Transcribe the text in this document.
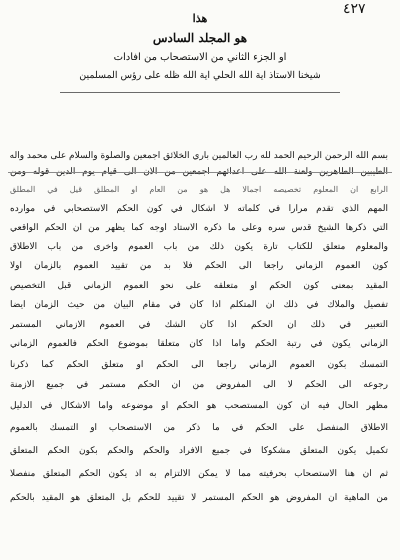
٤٢٧
هذا
هو المجلد السادس
او الجزء الثاني من الاستصحاب من افادات
شيخنا الاستاذ اية الله الحلي اية الله ظله على رؤس المسلمين
بسم الله الرحمن الرحيم الحمد لله رب العالمين باري الخلائق اجمعين والصلوة والسلام على محمد واله
الطيبين الطاهرين ولعنة الله على اعدائهم اجمعين من الان الى قيام يوم الدين قوله ومن
الرابع ان المعلوم تخصيصه اجمالا هل هو من العام او المطلق قيل في المطلق
المهم الذي تقدم مرارا في كلماته لا اشكال في كون الحكم الاستصحابي في موارده
التي ذكرها الشيخ قدس سره وعلى ما ذكره الاستاد اوجه كما يظهر من ان الحكم الواقعي
والمعلوم متعلق للكتاب تارة يكون ذلك من باب العموم واخرى من باب الاطلاق
كون العموم الزماني راجعا الى الحكم فلا بد من تقييد العموم بالزمان اولا
المقيد بمعنى كون الحكم او متعلقه على نحو العموم الزماني قبل التخصيص
تفصيل والملاك في ذلك ان المتكلم اذا كان في مقام البيان من حيث الزمان ايضا
التعبير في ذلك ان الحكم اذا كان الشك في العموم الازماني المستمر
الزماني يكون في رتبة الحكم واما اذا كان متعلقا بموضوع الحكم فالعموم الزماني
التمسك بكون العموم الزماني راجعا الى الحكم او متعلق الحكم كما ذكرنا
رجوعه الى الحكم لا الى المفروض من ان الحكم مستمر في جميع الازمنة
مظهر الحال فيه ان كون المستصحب هو الحكم او موضوعه واما الاشكال في الدليل
الاطلاق المنفصل على الحكم في ما ذكر من الاستصحاب او التمسك بالعموم
تكميل يكون المتعلق مشكوكا في جميع الافراد والحكم والحكم بكون الحكم المتعلق
ثم ان هنا الاستصحاب بحرفيته مما لا يمكن الالتزام به اذ يكون الحكم المتعلق منفصلا
من الماهية ان المفروض هو الحكم المستمر لا تقييد للحكم بل المتعلق هو المقيد بالحكم
